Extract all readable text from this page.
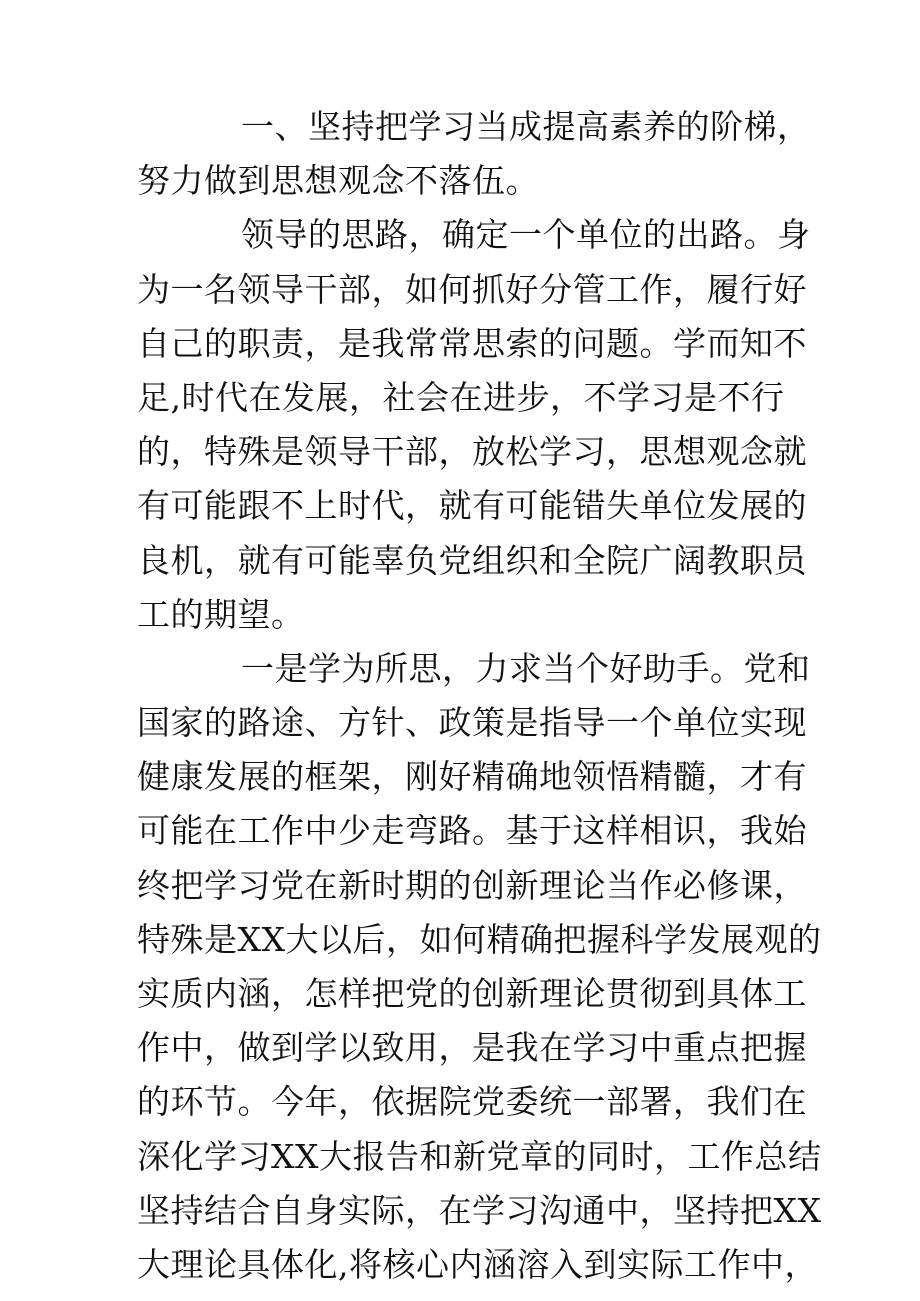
一、坚持把学习当成提高素养的阶梯，
努力做到思想观念不落伍。
领导的思路，确定一个单位的出路。身
为一名领导干部，如何抓好分管工作，履行好
自己的职责，是我常常思索的问题。学而知不
足,时代在发展，社会在进步，不学习是不行
的，特殊是领导干部，放松学习，思想观念就
有可能跟不上时代，就有可能错失单位发展的
良机，就有可能辜负党组织和全院广阔教职员
工的期望。
一是学为所思，力求当个好助手。党和
国家的路途、方针、政策是指导一个单位实现
健康发展的框架，刚好精确地领悟精髓，才有
可能在工作中少走弯路。基于这样相识，我始
终把学习党在新时期的创新理论当作必修课，
特殊是XX大以后，如何精确把握科学发展观的
实质内涵，怎样把党的创新理论贯彻到具体工
作中，做到学以致用，是我在学习中重点把握
的环节。今年，依据院党委统一部署，我们在
深化学习XX大报告和新党章的同时，工作总结
坚持结合自身实际，在学习沟通中，坚持把XX
大理论具体化,将核心内涵溶入到实际工作中，
